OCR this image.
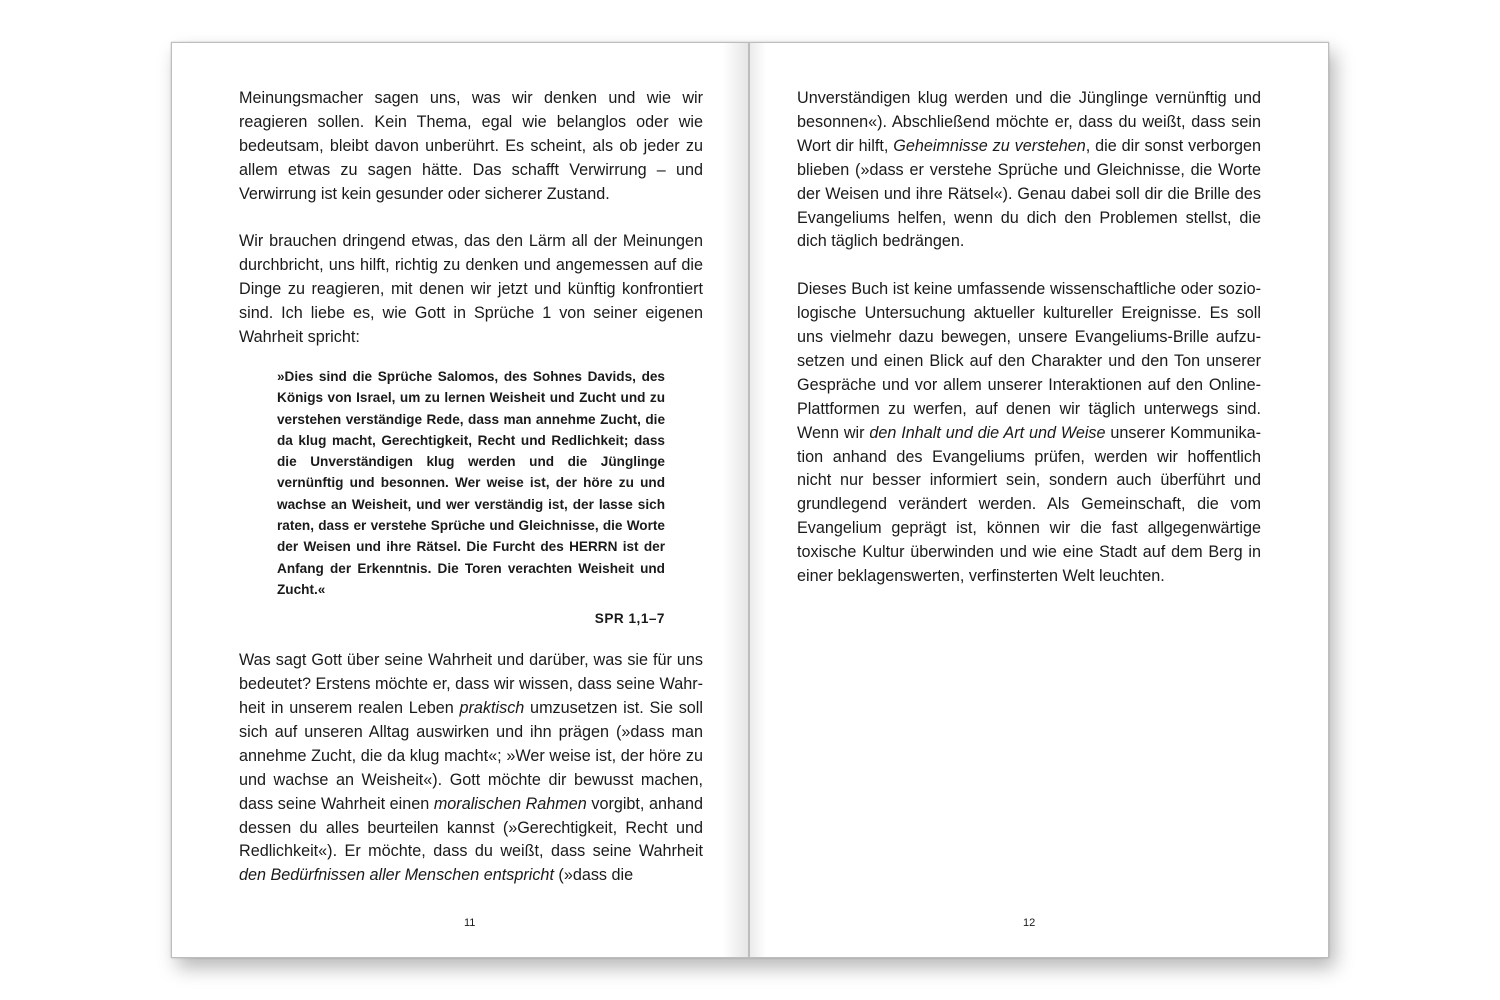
Meinungsmacher sagen uns, was wir denken und wie wir reagieren sollen. Kein Thema, egal wie belanglos oder wie bedeutsam, bleibt davon unberührt. Es scheint, als ob jeder zu allem etwas zu sagen hätte. Das schafft Verwirrung – und Verwirrung ist kein gesunder oder sicherer Zustand.

Wir brauchen dringend etwas, das den Lärm all der Meinungen durchbricht, uns hilft, richtig zu denken und angemessen auf die Dinge zu reagieren, mit denen wir jetzt und künftig konfrontiert sind. Ich liebe es, wie Gott in Sprüche 1 von seiner eigenen Wahrheit spricht:

»Dies sind die Sprüche Salomos, des Sohnes Davids, des Königs von Israel, um zu lernen Weisheit und Zucht und zu verstehen verständige Rede, dass man annehme Zucht, die da klug macht, Gerechtigkeit, Recht und Redlichkeit; dass die Unverständigen klug werden und die Jünglinge vernünftig und besonnen. Wer weise ist, der höre zu und wachse an Weisheit, und wer verständig ist, der lasse sich raten, dass er verstehe Sprüche und Gleichnisse, die Worte der Weisen und ihre Rätsel. Die Furcht des HERRN ist der Anfang der Erkenntnis. Die Toren verachten Weisheit und Zucht.«
SPR 1,1–7

Was sagt Gott über seine Wahrheit und darüber, was sie für uns bedeutet? Erstens möchte er, dass wir wissen, dass seine Wahrheit in unserem realen Leben praktisch umzusetzen ist. Sie soll sich auf unseren Alltag auswirken und ihn prägen (»dass man annehme Zucht, die da klug macht«; »Wer weise ist, der höre zu und wachse an Weisheit«). Gott möchte dir bewusst machen, dass seine Wahrheit einen moralischen Rahmen vorgibt, anhand dessen du alles beurteilen kannst (»Gerechtigkeit, Recht und Redlichkeit«). Er möchte, dass du weißt, dass seine Wahrheit den Bedürfnissen aller Menschen entspricht (»dass die

11

Unverständigen klug werden und die Jünglinge vernünftig und besonnen«). Abschließend möchte er, dass du weißt, dass sein Wort dir hilft, Geheimnisse zu verstehen, die dir sonst verborgen blieben (»dass er verstehe Sprüche und Gleichnisse, die Worte der Weisen und ihre Rätsel«). Genau dabei soll dir die Brille des Evangeliums helfen, wenn du dich den Problemen stellst, die dich täglich bedrängen.

Dieses Buch ist keine umfassende wissenschaftliche oder soziologische Untersuchung aktueller kultureller Ereignisse. Es soll uns vielmehr dazu bewegen, unsere Evangeliums-Brille aufzusetzen und einen Blick auf den Charakter und den Ton unserer Gespräche und vor allem unserer Interaktionen auf den Online-Plattformen zu werfen, auf denen wir täglich unterwegs sind. Wenn wir den Inhalt und die Art und Weise unserer Kommunikation anhand des Evangeliums prüfen, werden wir hoffentlich nicht nur besser informiert sein, sondern auch überführt und grundlegend verändert werden. Als Gemeinschaft, die vom Evangelium geprägt ist, können wir die fast allgegenwärtige toxische Kultur überwinden und wie eine Stadt auf dem Berg in einer beklagenswerten, verfinsterten Welt leuchten.

12
